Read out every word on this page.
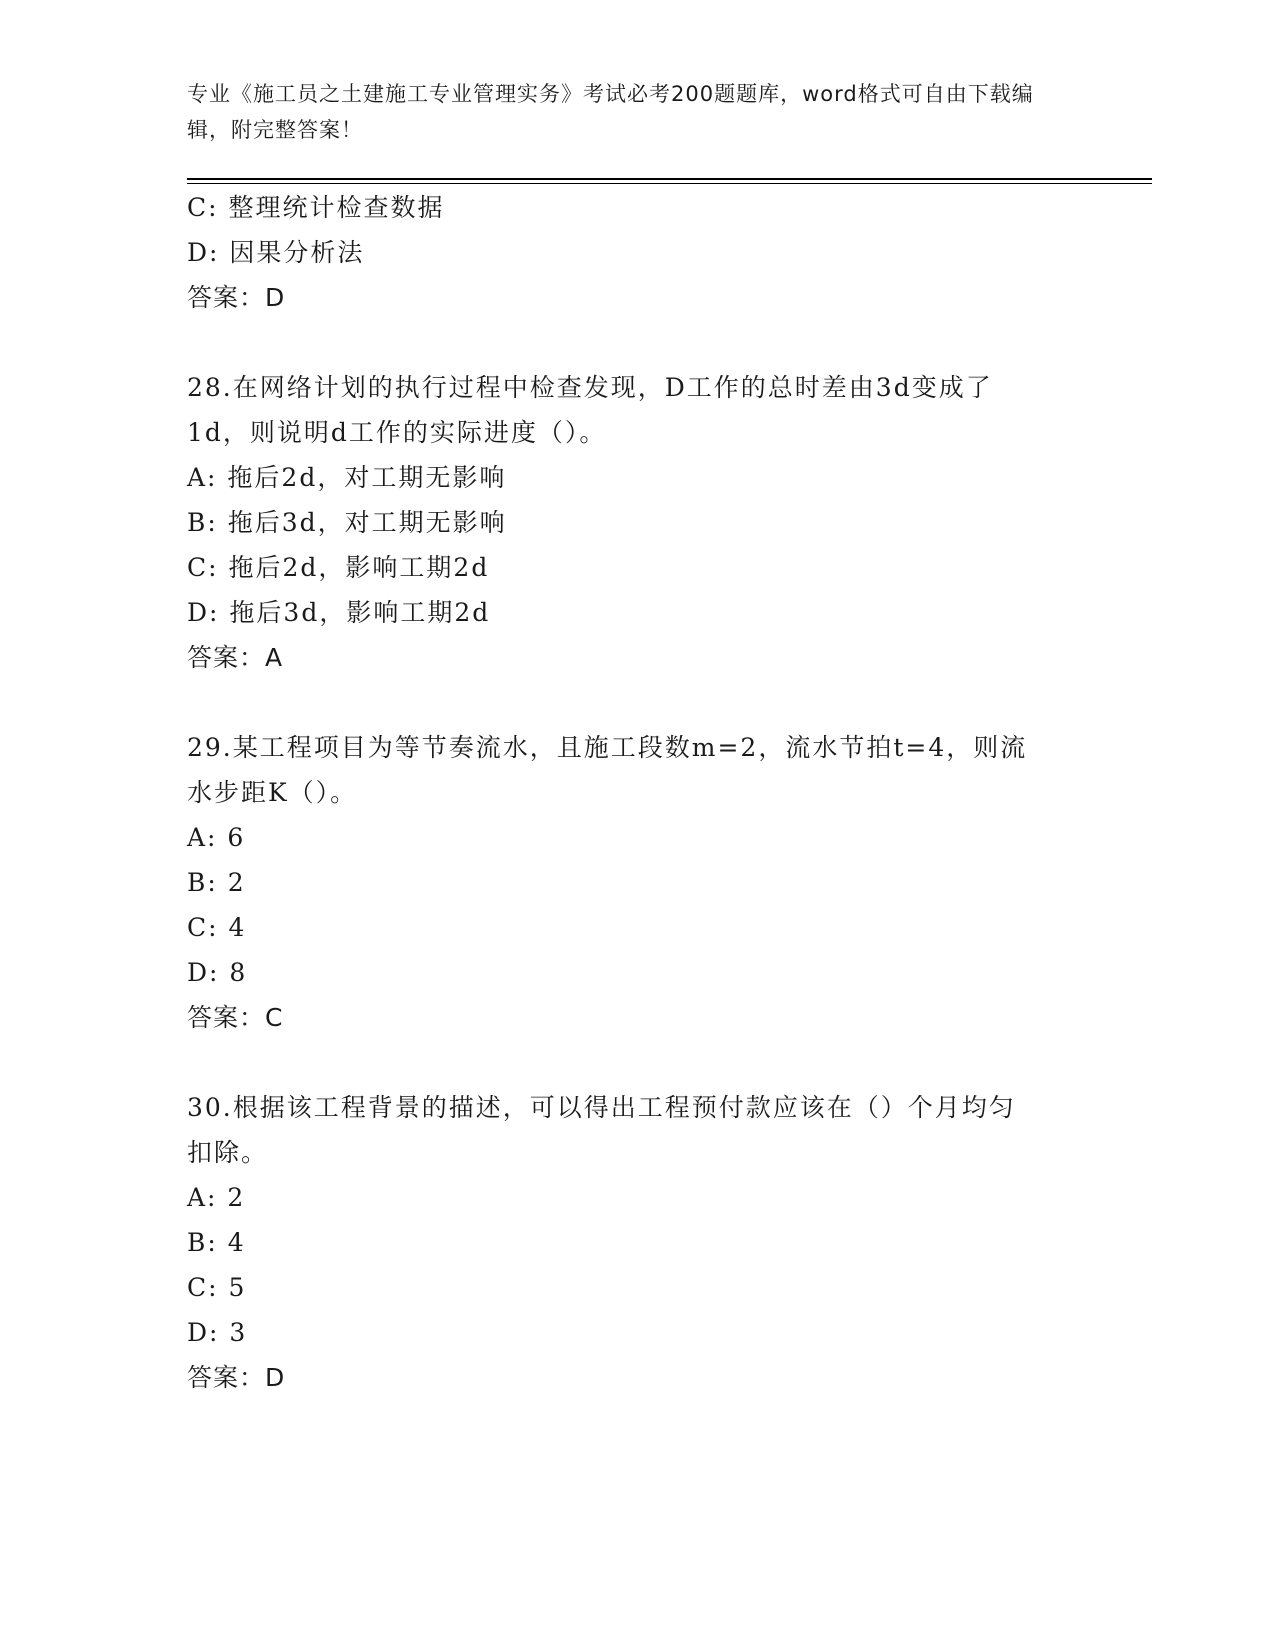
专业《施工员之土建施工专业管理实务》考试必考200题题库，word格式可自由下载编辑，附完整答案！
C: 整理统计检查数据
D: 因果分析法
答案：D
28.在网络计划的执行过程中检查发现，D工作的总时差由3d变成了
1d，则说明d工作的实际进度（）。
A: 拖后2d，对工期无影响
B: 拖后3d，对工期无影响
C: 拖后2d，影响工期2d
D: 拖后3d，影响工期2d
答案：A
29.某工程项目为等节奏流水，且施工段数m=2，流水节拍t=4，则流
水步距K（）。
A: 6
B: 2
C: 4
D: 8
答案：C
30.根据该工程背景的描述，可以得出工程预付款应该在（）个月均匀
扣除。
A: 2
B: 4
C: 5
D: 3
答案：D
